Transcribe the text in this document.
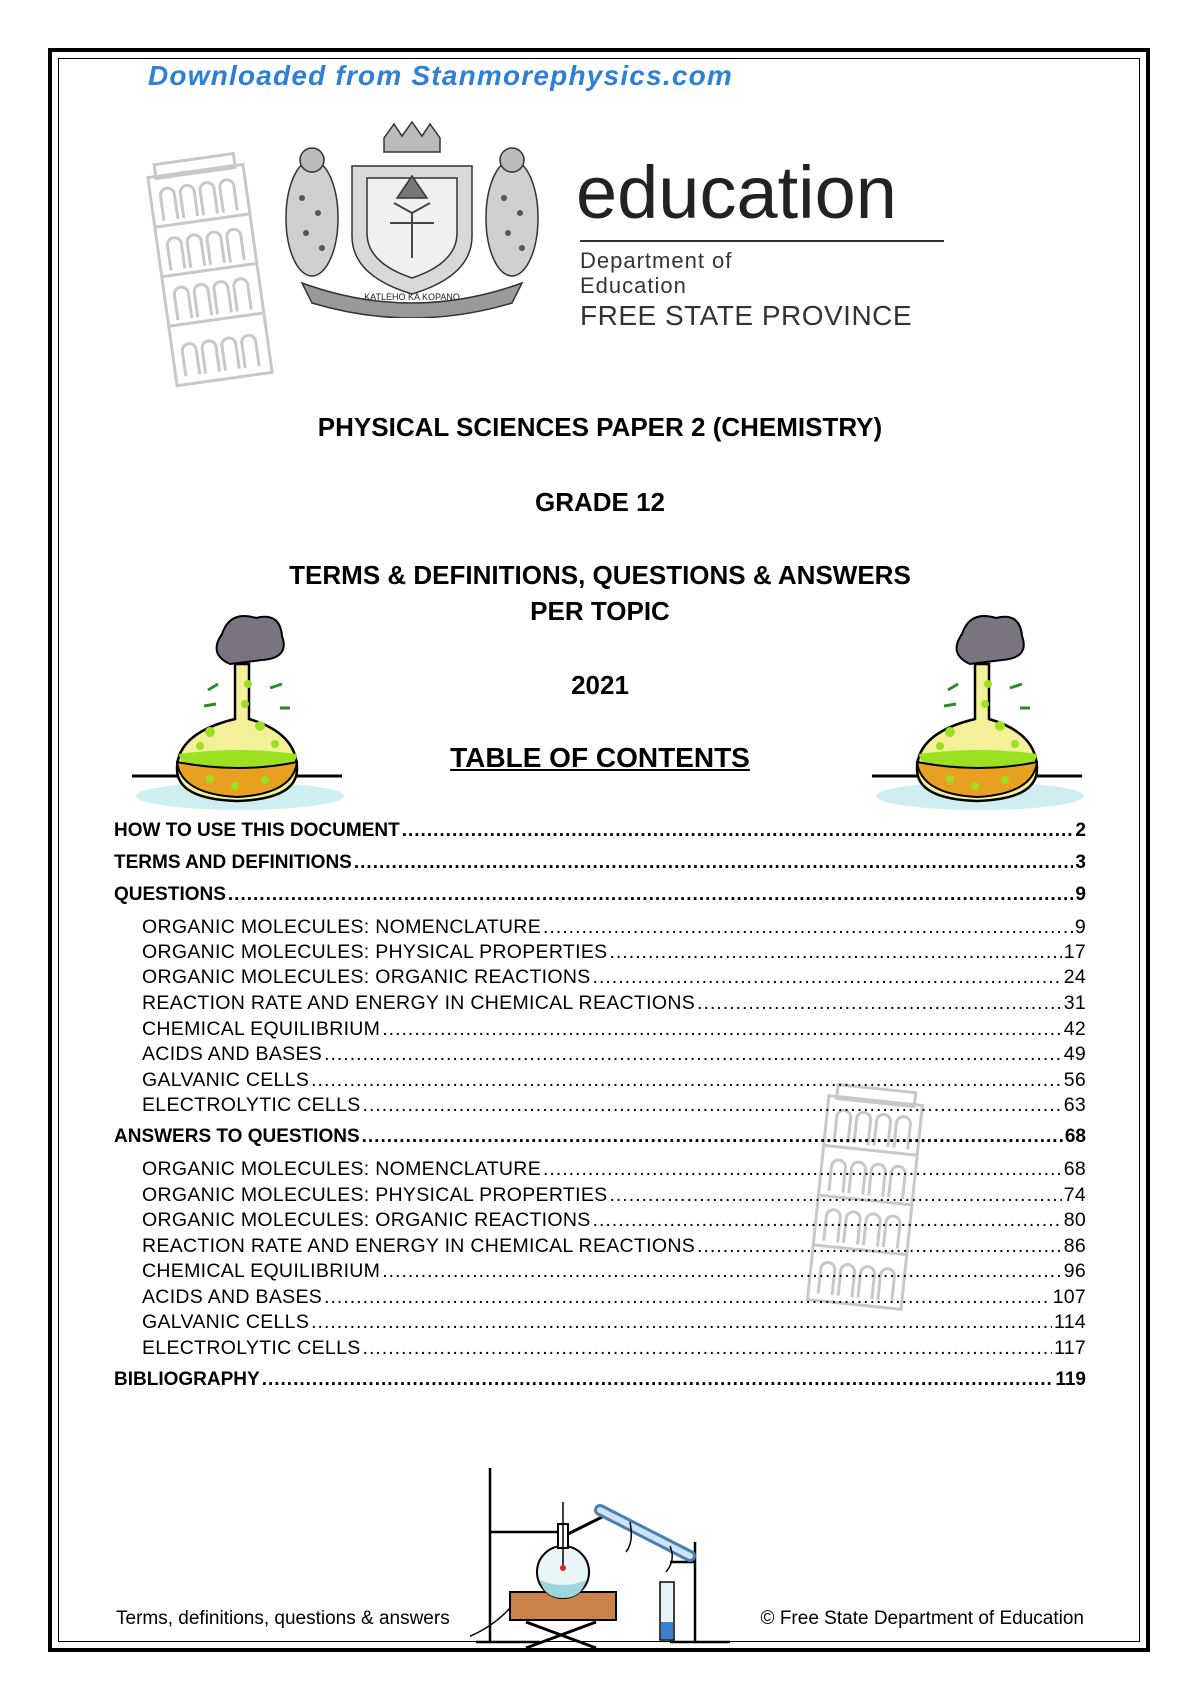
Downloaded from Stanmorephysics.com
KATLEHO KA KOPANO
education
Department of
Education
FREE STATE PROVINCE
PHYSICAL SCIENCES PAPER 2 (CHEMISTRY)
GRADE 12
TERMS & DEFINITIONS, QUESTIONS & ANSWERS
PER TOPIC
2021
TABLE OF CONTENTS
HOW TO USE THIS DOCUMENT .....	2
TERMS AND DEFINITIONS .....	3
QUESTIONS .....	9
ORGANIC MOLECULES: NOMENCLATURE .....	9
ORGANIC MOLECULES: PHYSICAL PROPERTIES .....	17
ORGANIC MOLECULES: ORGANIC REACTIONS .....	24
REACTION RATE AND ENERGY IN CHEMICAL REACTIONS .....	31
CHEMICAL EQUILIBRIUM .....	42
ACIDS AND BASES .....	49
GALVANIC CELLS .....	56
ELECTROLYTIC CELLS .....	63
ANSWERS TO QUESTIONS .....	68
ORGANIC MOLECULES: NOMENCLATURE .....	68
ORGANIC MOLECULES: PHYSICAL PROPERTIES .....	74
ORGANIC MOLECULES: ORGANIC REACTIONS .....	80
REACTION RATE AND ENERGY IN CHEMICAL REACTIONS .....	86
CHEMICAL EQUILIBRIUM .....	96
ACIDS AND BASES .....	107
GALVANIC CELLS .....	114
ELECTROLYTIC CELLS .....	117
BIBLIOGRAPHY .....	119
Terms, definitions, questions & answers	© Free State Department of Education
